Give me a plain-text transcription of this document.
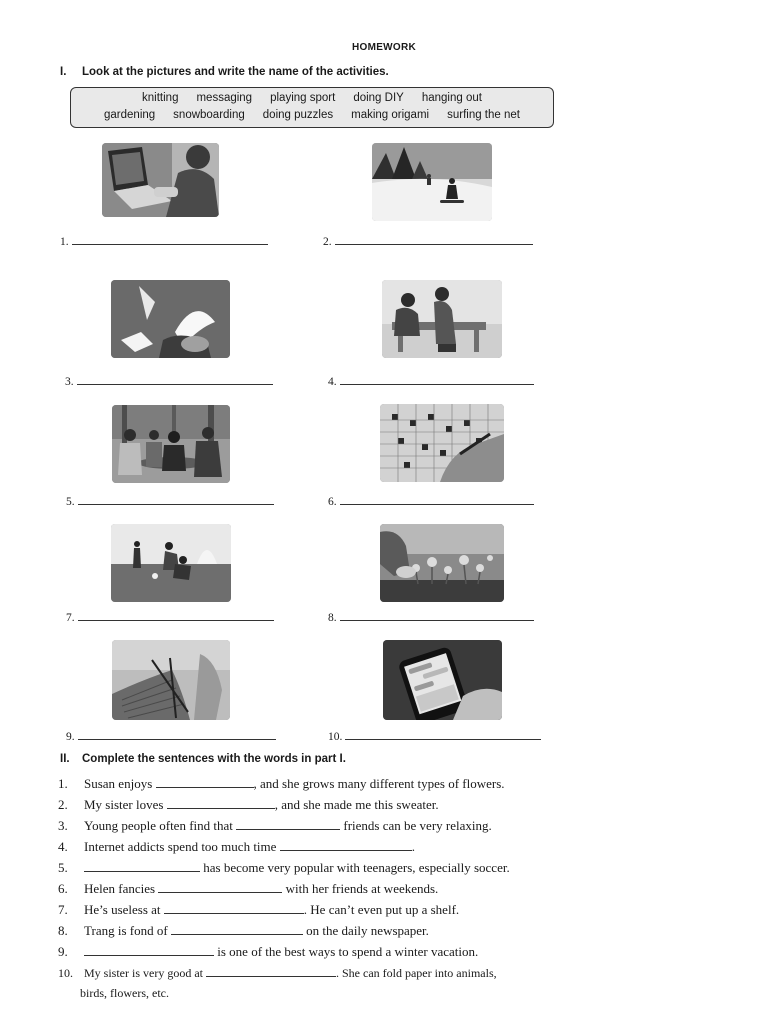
HOMEWORK
I. Look at the pictures and write the name of the activities.
knitting messaging playing sport doing DIY hanging out
gardening snowboarding doing puzzles making origami surfing the net
1.	2.
3.	4.
5.	6.
7.	8.
9.	10.
II. Complete the sentences with the words in part I.
1. Susan enjoys	, and she grows many different types of flowers.
2. My sister loves	, and she made me this sweater.
3. Young people often find that	friends can be very relaxing.
4. Internet addicts spend too much time	.
5.	has become very popular with teenagers, especially soccer.
6. Helen fancies	with her friends at weekends.
7. He’s useless at	. He can’t even put up a shelf.
8. Trang is fond of	on the daily newspaper.
9.	is one of the best ways to spend a winter vacation.
10. My sister is very good at	. She can fold paper into animals,
birds, flowers, etc.
